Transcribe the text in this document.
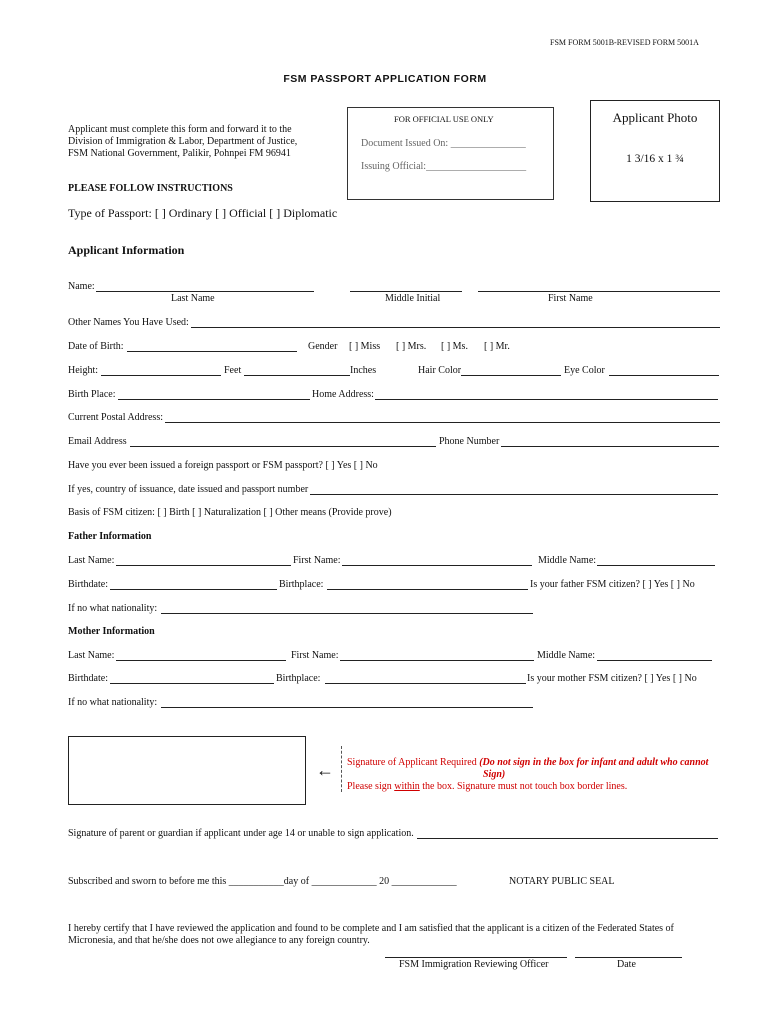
FSM FORM 5001B-REVISED FORM 5001A
FSM PASSPORT APPLICATION FORM
Applicant must complete this form and forward it to the
Division of Immigration & Labor, Department of Justice,
FSM National Government, Palikir, Pohnpei FM 96941
PLEASE FOLLOW INSTRUCTIONS
FOR OFFICIAL USE ONLY
Document Issued On: _______________
Issuing Official:____________________
Applicant Photo
1 3/16 x 1 ¾
Type of Passport: [ ] Ordinary [ ] Official [ ] Diplomatic
Applicant Information
Name:
Last Name	Middle Initial	First Name
Other Names You Have Used:
Date of Birth:	Gender [ ] Miss [ ] Mrs. [ ] Ms. [ ] Mr.
Height:	Feet	Inches	Hair Color	Eye Color
Birth Place:	Home Address:
Current Postal Address:
Email Address	Phone Number
Have you ever been issued a foreign passport or FSM passport? [ ] Yes [ ] No
If yes, country of issuance, date issued and passport number
Basis of FSM citizen: [ ] Birth [ ] Naturalization [ ] Other means (Provide prove)
Father Information
Last Name:	First Name:	Middle Name:
Birthdate:	Birthplace:	Is your father FSM citizen? [ ] Yes [ ] No
If no what nationality:
Mother Information
Last Name:	First Name:	Middle Name:
Birthdate:	Birthplace:	Is your mother FSM citizen? [ ] Yes [ ] No
If no what nationality:
← Signature of Applicant Required (Do not sign in the box for infant and adult who cannot
Sign)
Please sign within the box. Signature must not touch box border lines.
Signature of parent or guardian if applicant under age 14 or unable to sign application.
Subscribed and sworn to before me this ___________day of _____________ 20 _____________	NOTARY PUBLIC SEAL
I hereby certify that I have reviewed the application and found to be complete and I am satisfied that the applicant is a citizen of the Federated States of
Micronesia, and that he/she does not owe allegiance to any foreign country.
FSM Immigration Reviewing Officer	Date
